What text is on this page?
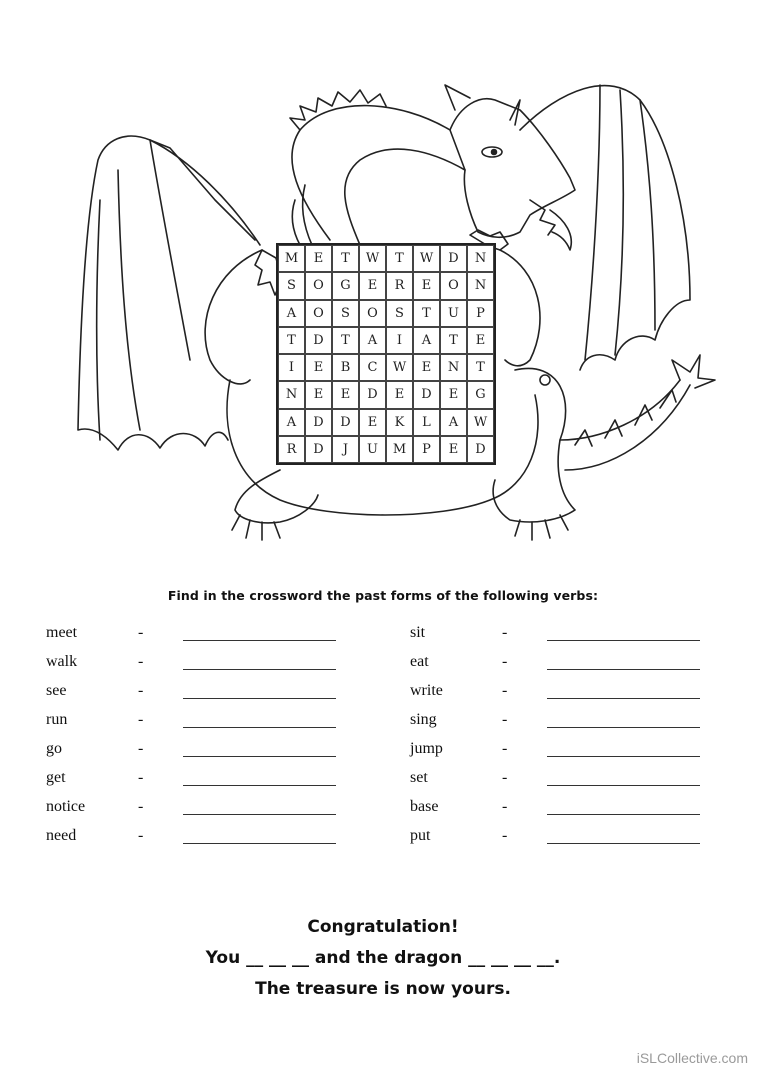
M	E	T	W	T	W	D	N
S	O	G	E	R	E	O	N
A	O	S	O	S	T	U	P
T	D	T	A	I	A	T	E
I	E	B	C	W	E	N	T
N	E	E	D	E	D	E	G
A	D	D	E	K	L	A	W
R	D	J	U	M	P	E	D
Find in the crossword the past forms of the following verbs:
meet	-
walk	-
see	-
run	-
go	-
get	-
notice	-
need	-
sit	-
eat	-
write	-
sing	-
jump	-
set	-
base	-
put	-
Congratulation!
You __ __ __ and the dragon __ __ __ __.
The treasure is now yours.
iSLCollective.com
